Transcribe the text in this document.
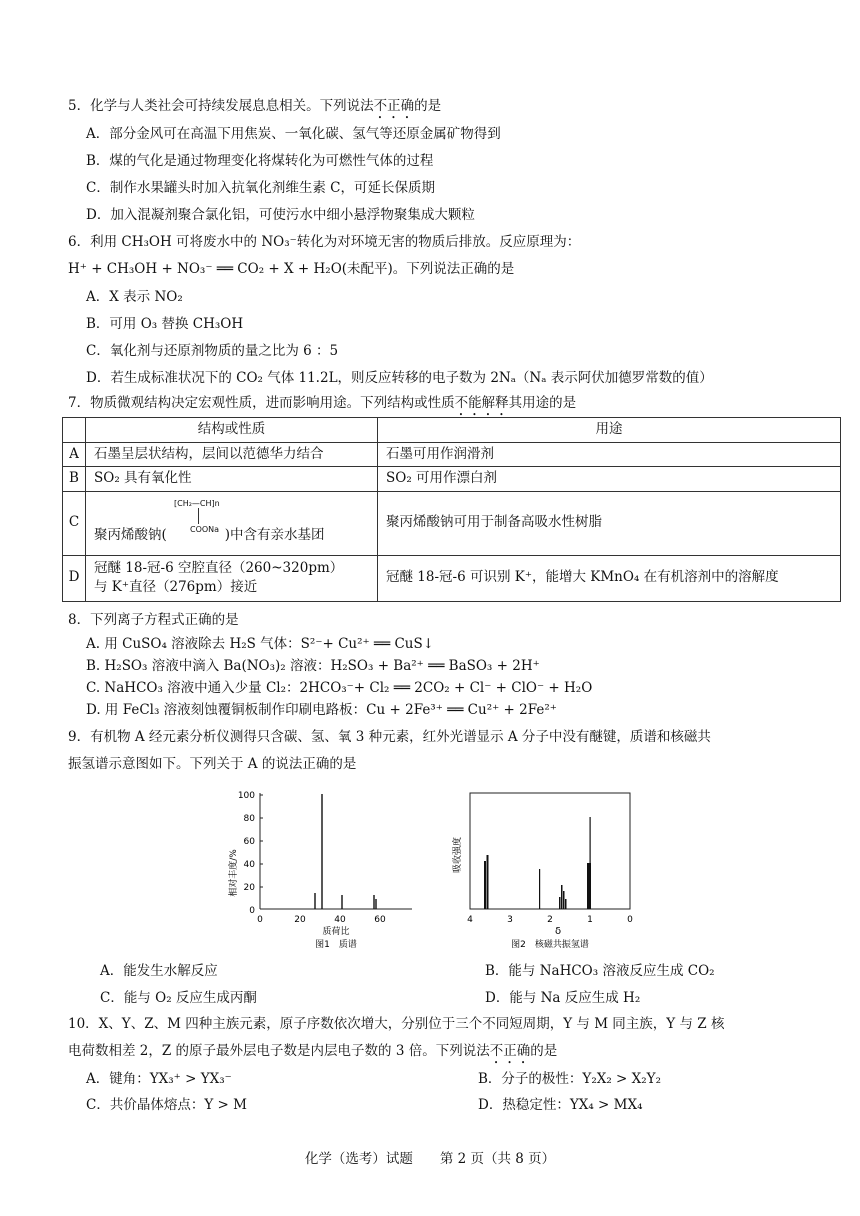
5．化学与人类社会可持续发展息息相关。下列说法不正确的是
A．部分金风可在高温下用焦炭、一氧化碳、氢气等还原金属矿物得到
B．煤的气化是通过物理变化将煤转化为可燃性气体的过程
C．制作水果罐头时加入抗氧化剂维生素 C，可延长保质期
D．加入混凝剂聚合氯化铝，可使污水中细小悬浮物聚集成大颗粒
6．利用 CH₃OH 可将废水中的 NO₃⁻转化为对环境无害的物质后排放。反应原理为：
H⁺ + CH₃OH + NO₃⁻ ══ CO₂ + X + H₂O(未配平)。下列说法正确的是
A．X 表示 NO₂
B．可用 O₃ 替换 CH₃OH
C．氧化剂与还原剂物质的量之比为 6 ：5
D．若生成标准状况下的 CO₂ 气体 11.2L，则反应转移的电子数为 2Nₐ（Nₐ 表示阿伏加德罗常数的值）
7．物质微观结构决定宏观性质，进而影响用途。下列结构或性质不能解释其用途的是
	结构或性质	用途
A	石墨呈层状结构，层间以范德华力结合	石墨可用作润滑剂
B	SO₂ 具有氧化性	SO₂ 可用作漂白剂
C	[CH₂—CH]n
COONa
聚丙烯酸钠( )中含有亲水基团	聚丙烯酸钠可用于制备高吸水性树脂
D	冠醚 18-冠-6 空腔直径（260~320pm）
与 K⁺直径（276pm）接近	冠醚 18-冠-6 可识别 K⁺，能增大 KMnO₄ 在有机溶剂中的溶解度
8．下列离子方程式正确的是
A. 用 CuSO₄ 溶液除去 H₂S 气体：S²⁻+ Cu²⁺ ══ CuS↓
B. H₂SO₃ 溶液中滴入 Ba(NO₃)₂ 溶液：H₂SO₃ + Ba²⁺ ══ BaSO₃ + 2H⁺
C. NaHCO₃ 溶液中通入少量 Cl₂：2HCO₃⁻+ Cl₂ ══ 2CO₂ + Cl⁻ + ClO⁻ + H₂O
D. 用 FeCl₃ 溶液刻蚀覆铜板制作印刷电路板：Cu + 2Fe³⁺ ══ Cu²⁺ + 2Fe²⁺
9．有机物 A 经元素分析仪测得只含碳、氢、氧 3 种元素，红外光谱显示 A 分子中没有醚键，质谱和核磁共
振氢谱示意图如下。下列关于 A 的说法正确的是
相对丰度/%
100
80
60
40
20
0
0	20	40	60
质荷比
图1　质谱
吸收强度
4	3	2	1	0
δ
图2　核磁共振氢谱
A．能发生水解反应	B．能与 NaHCO₃ 溶液反应生成 CO₂
C．能与 O₂ 反应生成丙酮	D．能与 Na 反应生成 H₂
10．X、Y、Z、M 四种主族元素，原子序数依次增大，分别位于三个不同短周期，Y 与 M 同主族，Y 与 Z 核
电荷数相差 2，Z 的原子最外层电子数是内层电子数的 3 倍。下列说法不正确的是
A．键角：YX₃⁺ > YX₃⁻	B．分子的极性：Y₂X₂ > X₂Y₂
C．共价晶体熔点：Y > M	D．热稳定性：YX₄ > MX₄
化学（选考）试题　　第 2 页（共 8 页）
